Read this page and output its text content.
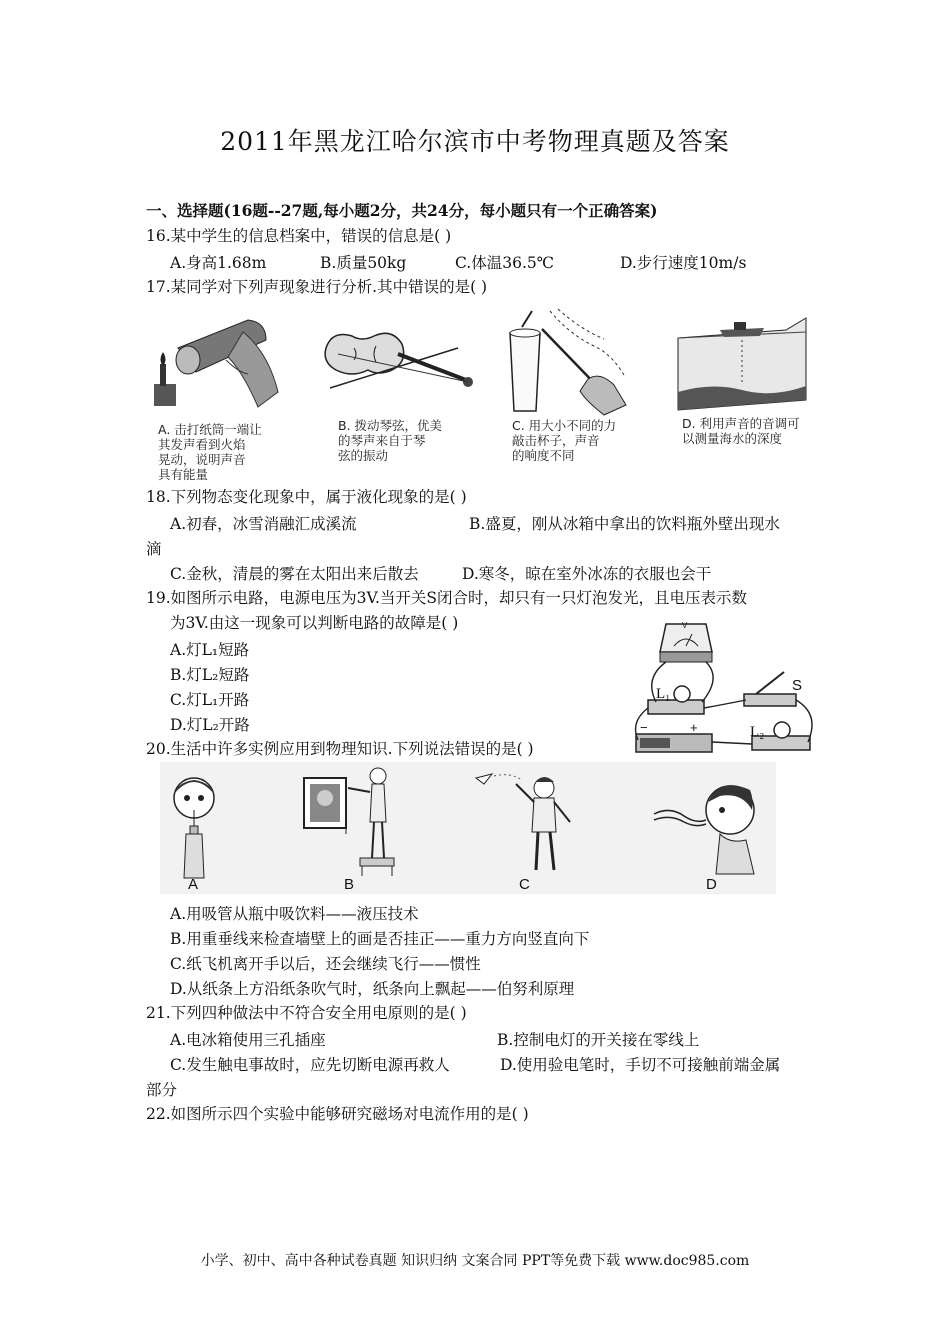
2011年黑龙江哈尔滨市中考物理真题及答案
一、选择题(16题--27题,每小题2分，共24分，每小题只有一个正确答案)
16.某中学生的信息档案中，错误的信息是( )
A.身高1.68m	B.质量50kg	C.体温36.5℃	D.步行速度10m/s
17.某同学对下列声现象进行分析.其中错误的是( )
A. 击打纸筒一端让
其发声看到火焰
晃动，说明声音
具有能量
B. 拨动琴弦，优美
的琴声来自于琴
弦的振动
C. 用大小不同的力
敲击杯子，声音
的响度不同
D. 利用声音的音调可
以测量海水的深度
18.下列物态变化现象中，属于液化现象的是( )
A.初春，冰雪消融汇成溪流	B.盛夏，刚从冰箱中拿出的饮料瓶外壁出现水
滴
C.金秋，清晨的雾在太阳出来后散去	D.寒冬，晾在室外冰冻的衣服也会干
19.如图所示电路，电源电压为3V.当开关S闭合时，却只有一只灯泡发光，且电压表示数
为3V.由这一现象可以判断电路的故障是( )
A.灯L₁短路
B.灯L₂短路
C.灯L₁开路
D.灯L₂开路
V
L₁	S
L₂
−	+
20.生活中许多实例应用到物理知识.下列说法错误的是( )
A	B	C	D
A.用吸管从瓶中吸饮料——液压技术
B.用重垂线来检查墙壁上的画是否挂正——重力方向竖直向下
C.纸飞机离开手以后，还会继续飞行——惯性
D.从纸条上方沿纸条吹气时，纸条向上飘起——伯努利原理
21.下列四种做法中不符合安全用电原则的是( )
A.电冰箱使用三孔插座	B.控制电灯的开关接在零线上
C.发生触电事故时，应先切断电源再救人	D.使用验电笔时，手切不可接触前端金属
部分
22.如图所示四个实验中能够研究磁场对电流作用的是( )
小学、初中、高中各种试卷真题 知识归纳 文案合同 PPT等免费下载 www.doc985.com
